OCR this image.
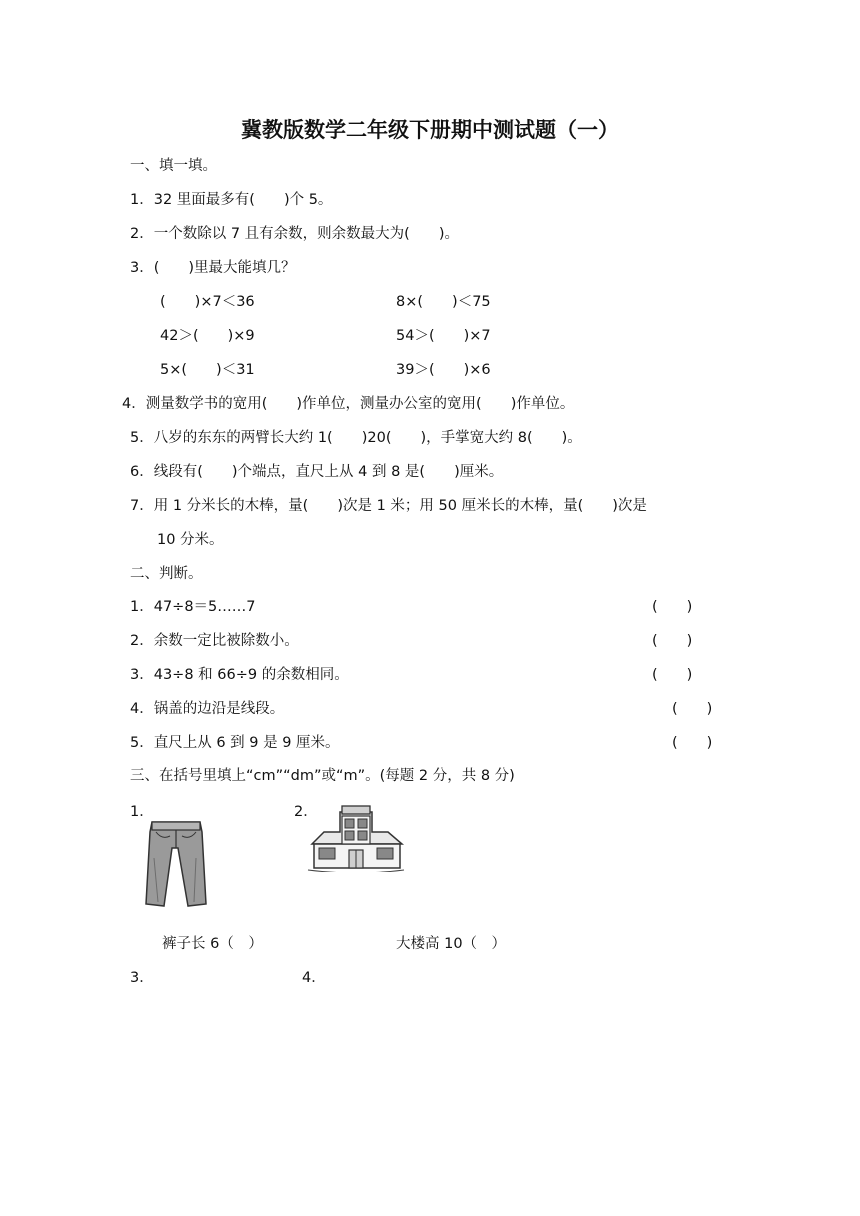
冀教版数学二年级下册期中测试题（一）
一、填一填。
1．32 里面最多有(　　)个 5。
2．一个数除以 7 且有余数，则余数最大为(　　)。
3．(　　)里最大能填几？
(　　)×7＜36	8×(　　)＜75
42＞(　　)×9	54＞(　　)×7
5×(　　)＜31	39＞(　　)×6
4．测量数学书的宽用(　　)作单位，测量办公室的宽用(　　)作单位。
5．八岁的东东的两臂长大约 1(　　)20(　　)，手掌宽大约 8(　　)。
6．线段有(　　)个端点，直尺上从 4 到 8 是(　　)厘米。
7．用 1 分米长的木棒，量(　　)次是 1 米；用 50 厘米长的木棒，量(　　)次是
10 分米。
二、判断。
1．47÷8＝5……7	(　　)
2．余数一定比被除数小。	(　　)
3．43÷8 和 66÷9 的余数相同。	(　　)
4．锅盖的边沿是线段。	(　　)
5．直尺上从 6 到 9 是 9 厘米。	(　　)
三、在括号里填上“cm”“dm”或“m”。(每题 2 分，共 8 分)
1．	2．
裤子长 6（　）	大楼高 10（　）
3．	4．
